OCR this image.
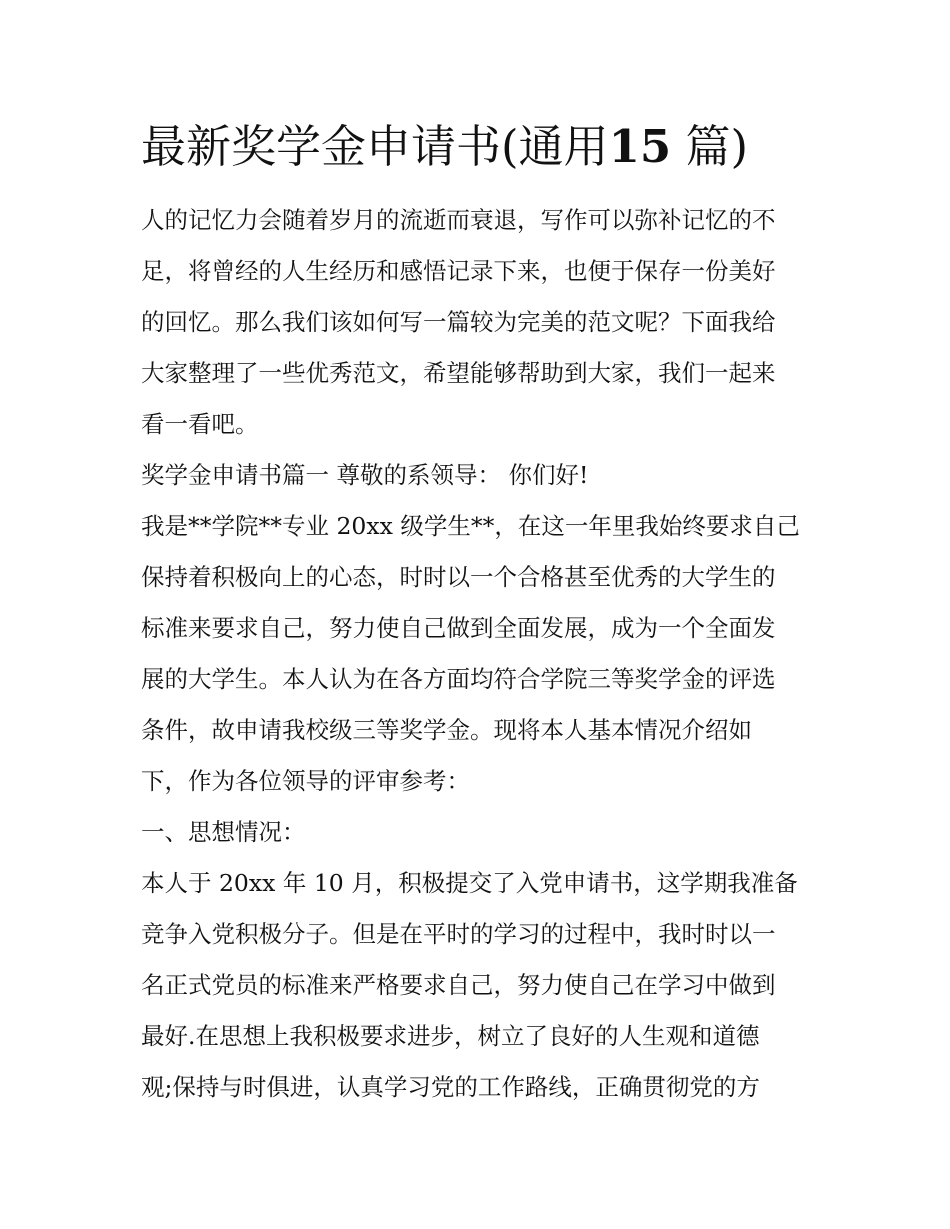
最新奖学金申请书(通用15 篇)
人的记忆力会随着岁月的流逝而衰退，写作可以弥补记忆的不
足，将曾经的人生经历和感悟记录下来，也便于保存一份美好
的回忆。那么我们该如何写一篇较为完美的范文呢？下面我给
大家整理了一些优秀范文，希望能够帮助到大家，我们一起来
看一看吧。
奖学金申请书篇一 尊敬的系领导： 你们好!
我是**学院**专业 20xx 级学生**，在这一年里我始终要求自己
保持着积极向上的心态，时时以一个合格甚至优秀的大学生的
标准来要求自己，努力使自己做到全面发展，成为一个全面发
展的大学生。本人认为在各方面均符合学院三等奖学金的评选
条件，故申请我校级三等奖学金。现将本人基本情况介绍如
下，作为各位领导的评审参考：
一、思想情况：
本人于 20xx 年 10 月，积极提交了入党申请书，这学期我准备
竞争入党积极分子。但是在平时的学习的过程中，我时时以一
名正式党员的标准来严格要求自己，努力使自己在学习中做到
最好.在思想上我积极要求进步，树立了良好的人生观和道德
观;保持与时俱进，认真学习党的工作路线，正确贯彻党的方
